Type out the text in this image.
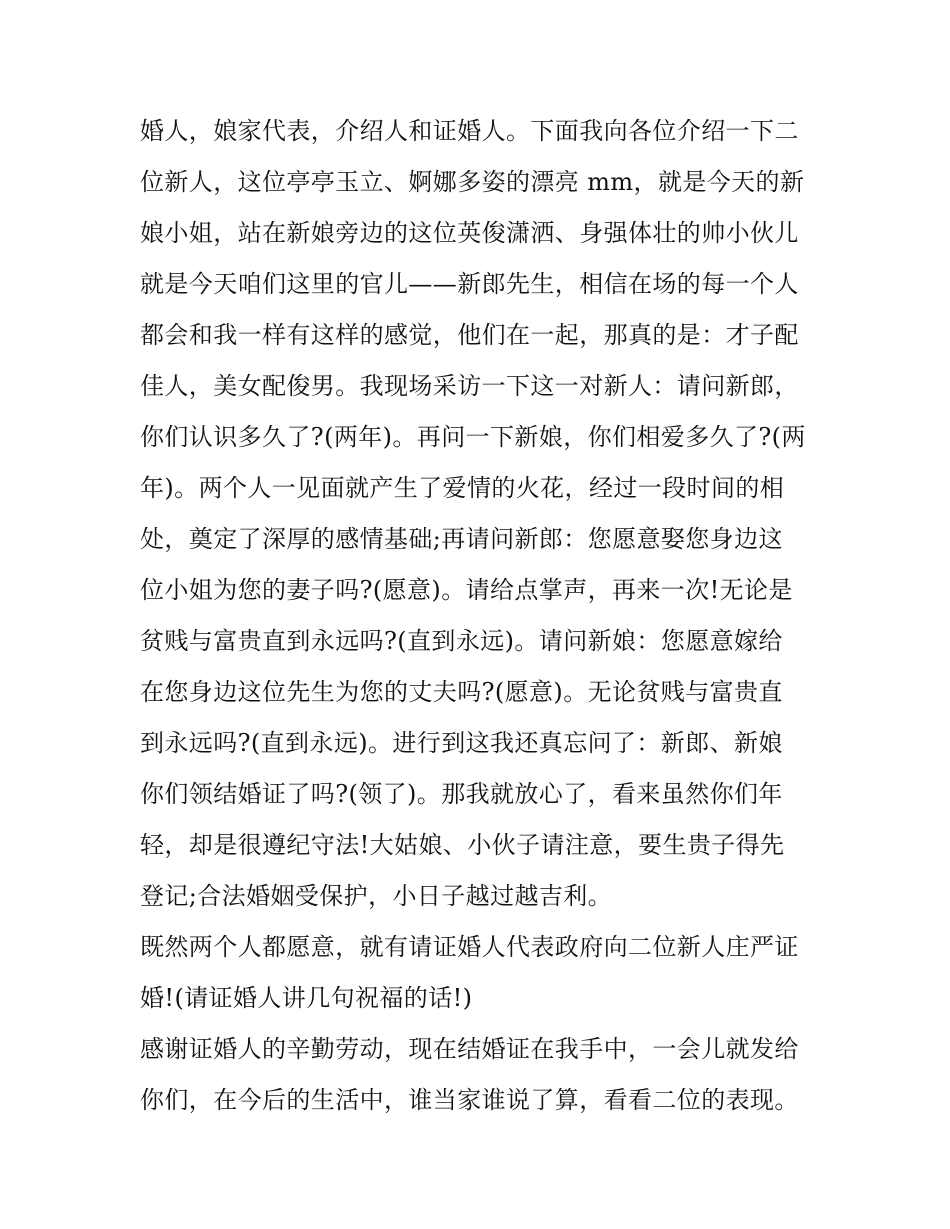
婚人，娘家代表，介绍人和证婚人。下面我向各位介绍一下二
位新人，这位亭亭玉立、婀娜多姿的漂亮 mm，就是今天的新
娘小姐，站在新娘旁边的这位英俊潇洒、身强体壮的帅小伙儿
就是今天咱们这里的官儿——新郎先生，相信在场的每一个人
都会和我一样有这样的感觉，他们在一起，那真的是：才子配
佳人，美女配俊男。我现场采访一下这一对新人：请问新郎，
你们认识多久了?(两年)。再问一下新娘，你们相爱多久了?(两
年)。两个人一见面就产生了爱情的火花，经过一段时间的相
处，奠定了深厚的感情基础;再请问新郎：您愿意娶您身边这
位小姐为您的妻子吗?(愿意)。请给点掌声，再来一次!无论是
贫贱与富贵直到永远吗?(直到永远)。请问新娘：您愿意嫁给
在您身边这位先生为您的丈夫吗?(愿意)。无论贫贱与富贵直
到永远吗?(直到永远)。进行到这我还真忘问了：新郎、新娘
你们领结婚证了吗?(领了)。那我就放心了，看来虽然你们年
轻，却是很遵纪守法!大姑娘、小伙子请注意，要生贵子得先
登记;合法婚姻受保护，小日子越过越吉利。
既然两个人都愿意，就有请证婚人代表政府向二位新人庄严证
婚!(请证婚人讲几句祝福的话!)
感谢证婚人的辛勤劳动，现在结婚证在我手中，一会儿就发给
你们，在今后的生活中，谁当家谁说了算，看看二位的表现。
